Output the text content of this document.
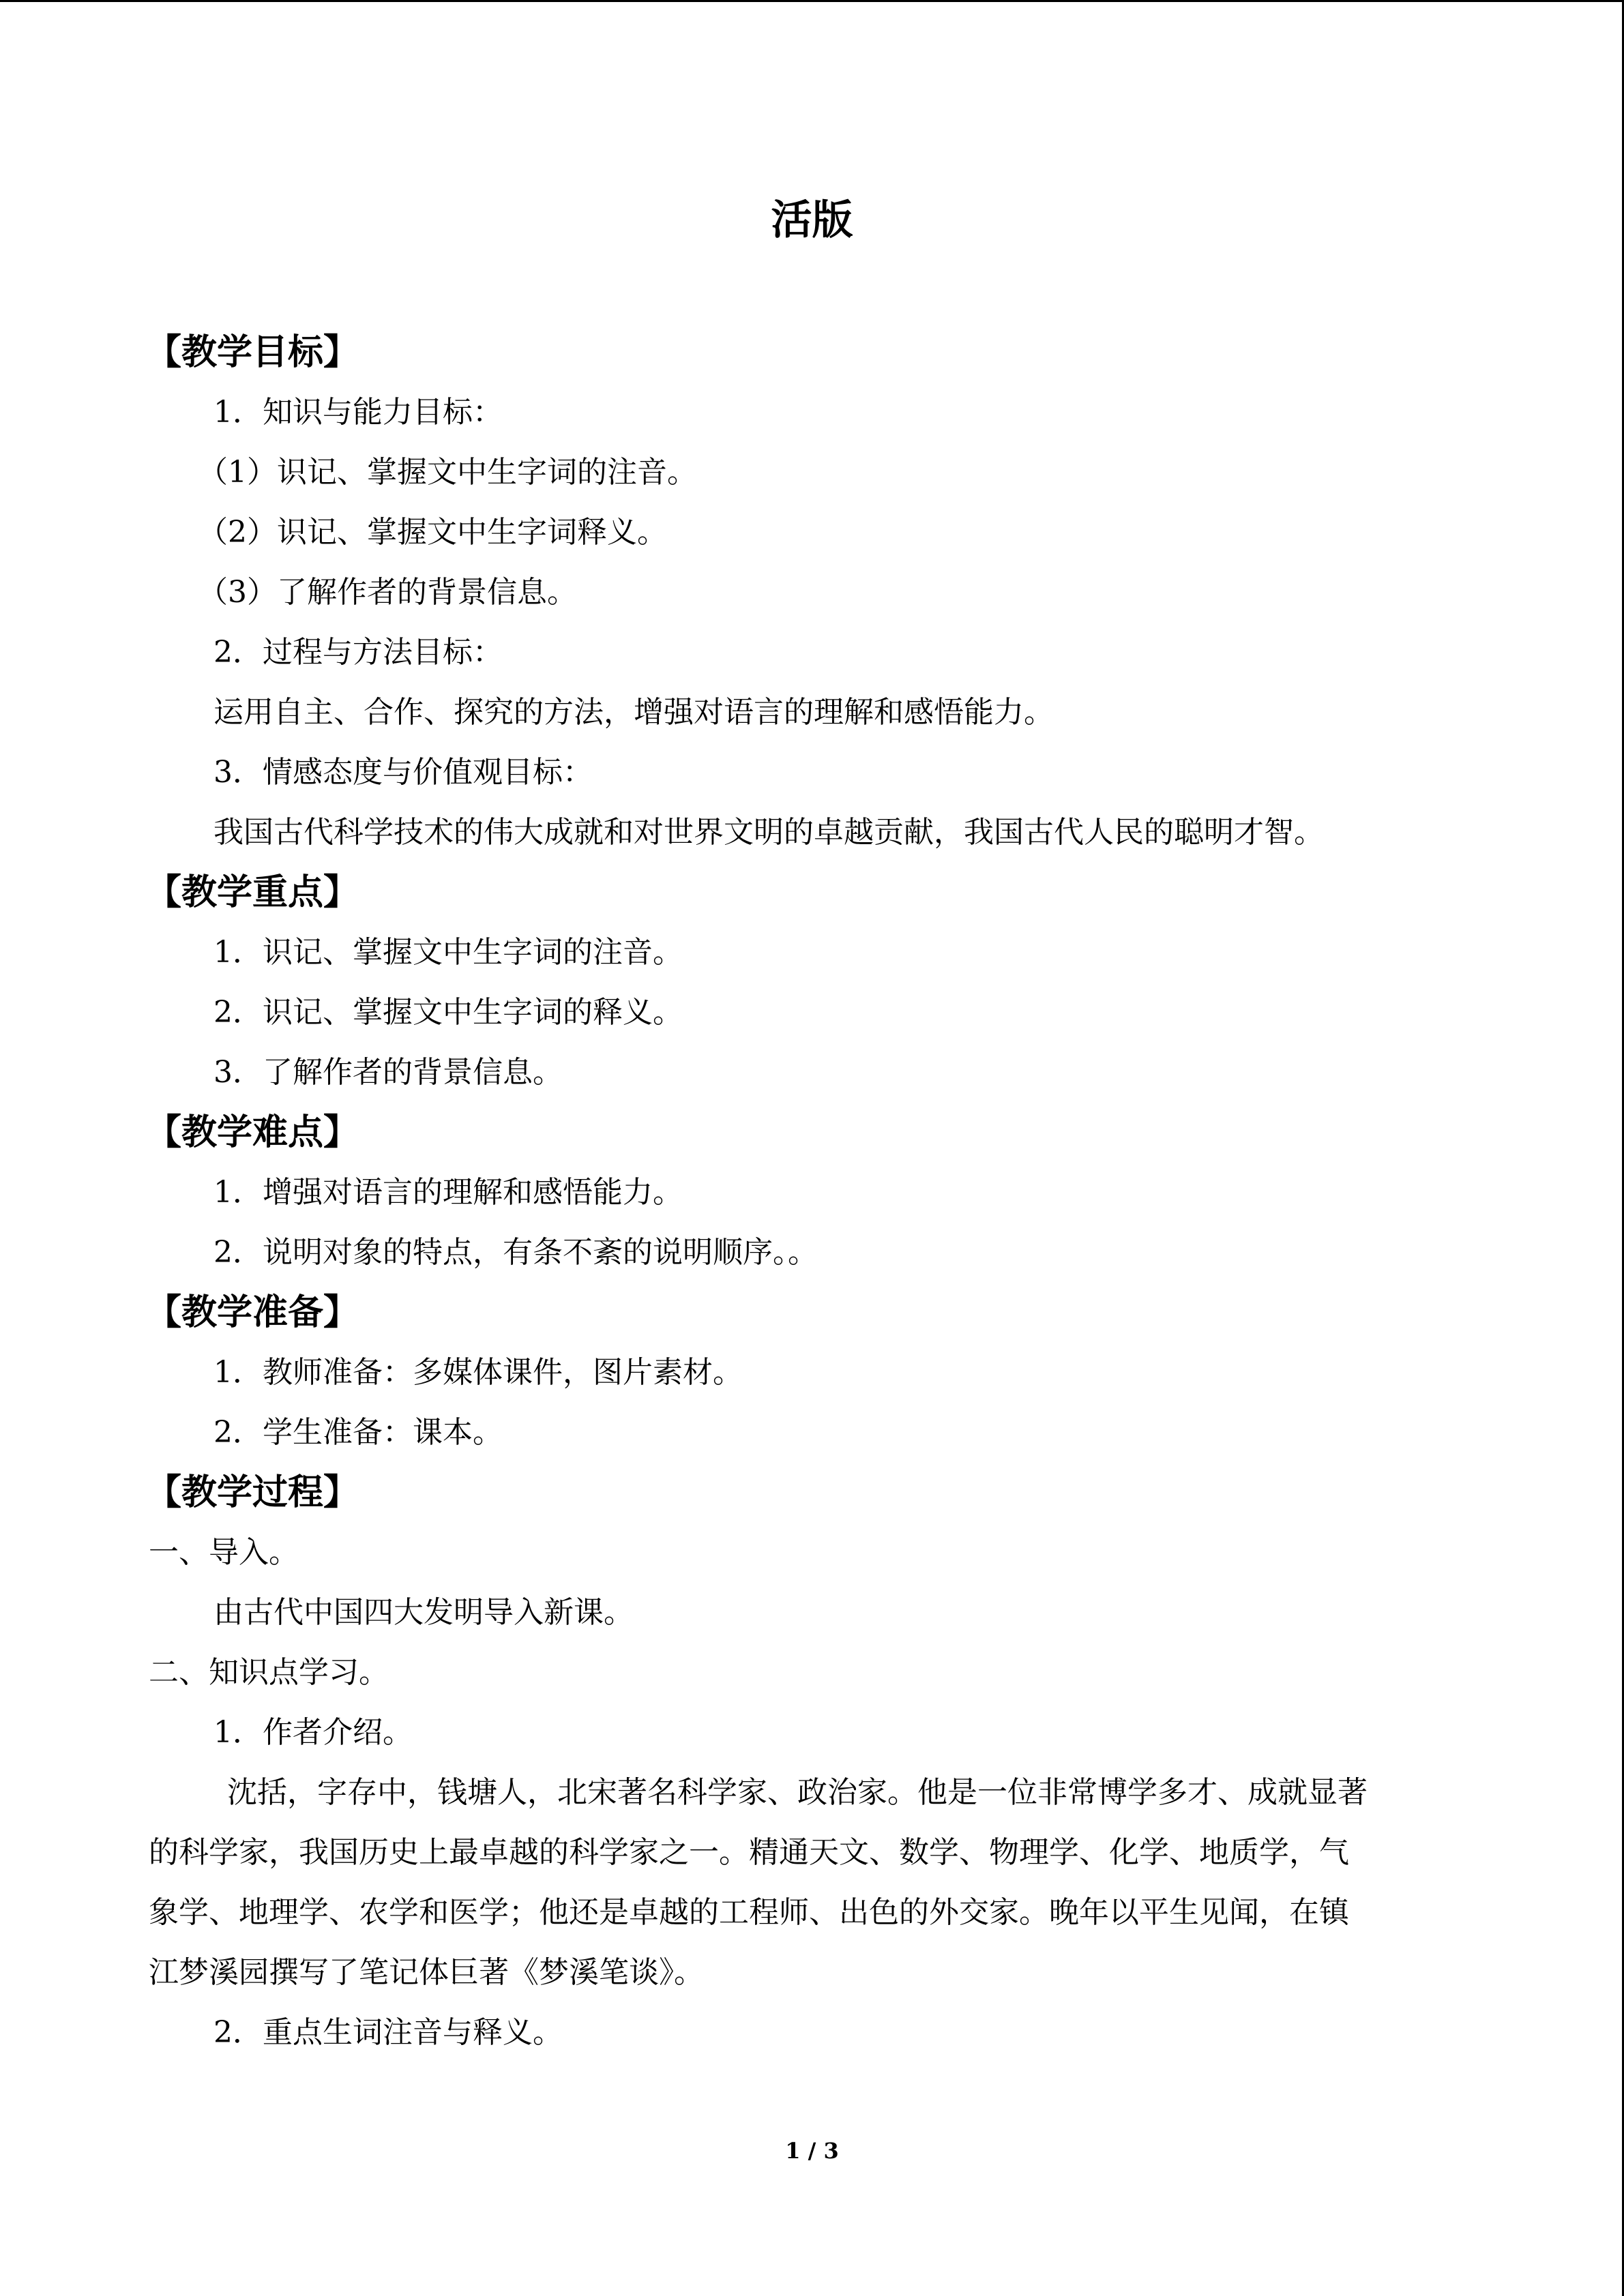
活版
【教学目标】
1．知识与能力目标：
（1）识记、掌握文中生字词的注音。
（2）识记、掌握文中生字词释义。
（3）了解作者的背景信息。
2．过程与方法目标：
运用自主、合作、探究的方法，增强对语言的理解和感悟能力。
3．情感态度与价值观目标：
我国古代科学技术的伟大成就和对世界文明的卓越贡献，我国古代人民的聪明才智。
【教学重点】
1．识记、掌握文中生字词的注音。
2．识记、掌握文中生字词的释义。
3．了解作者的背景信息。
【教学难点】
1．增强对语言的理解和感悟能力。
2．说明对象的特点，有条不紊的说明顺序。。
【教学准备】
1．教师准备：多媒体课件，图片素材。
2．学生准备：课本。
【教学过程】
一、导入。
由古代中国四大发明导入新课。
二、知识点学习。
1．作者介绍。
沈括，字存中，钱塘人，北宋著名科学家、政治家。他是一位非常博学多才、成就显著
的科学家，我国历史上最卓越的科学家之一。精通天文、数学、物理学、化学、地质学，气
象学、地理学、农学和医学；他还是卓越的工程师、出色的外交家。晚年以平生见闻，在镇
江梦溪园撰写了笔记体巨著《梦溪笔谈》。
2．重点生词注音与释义。
1 / 3
